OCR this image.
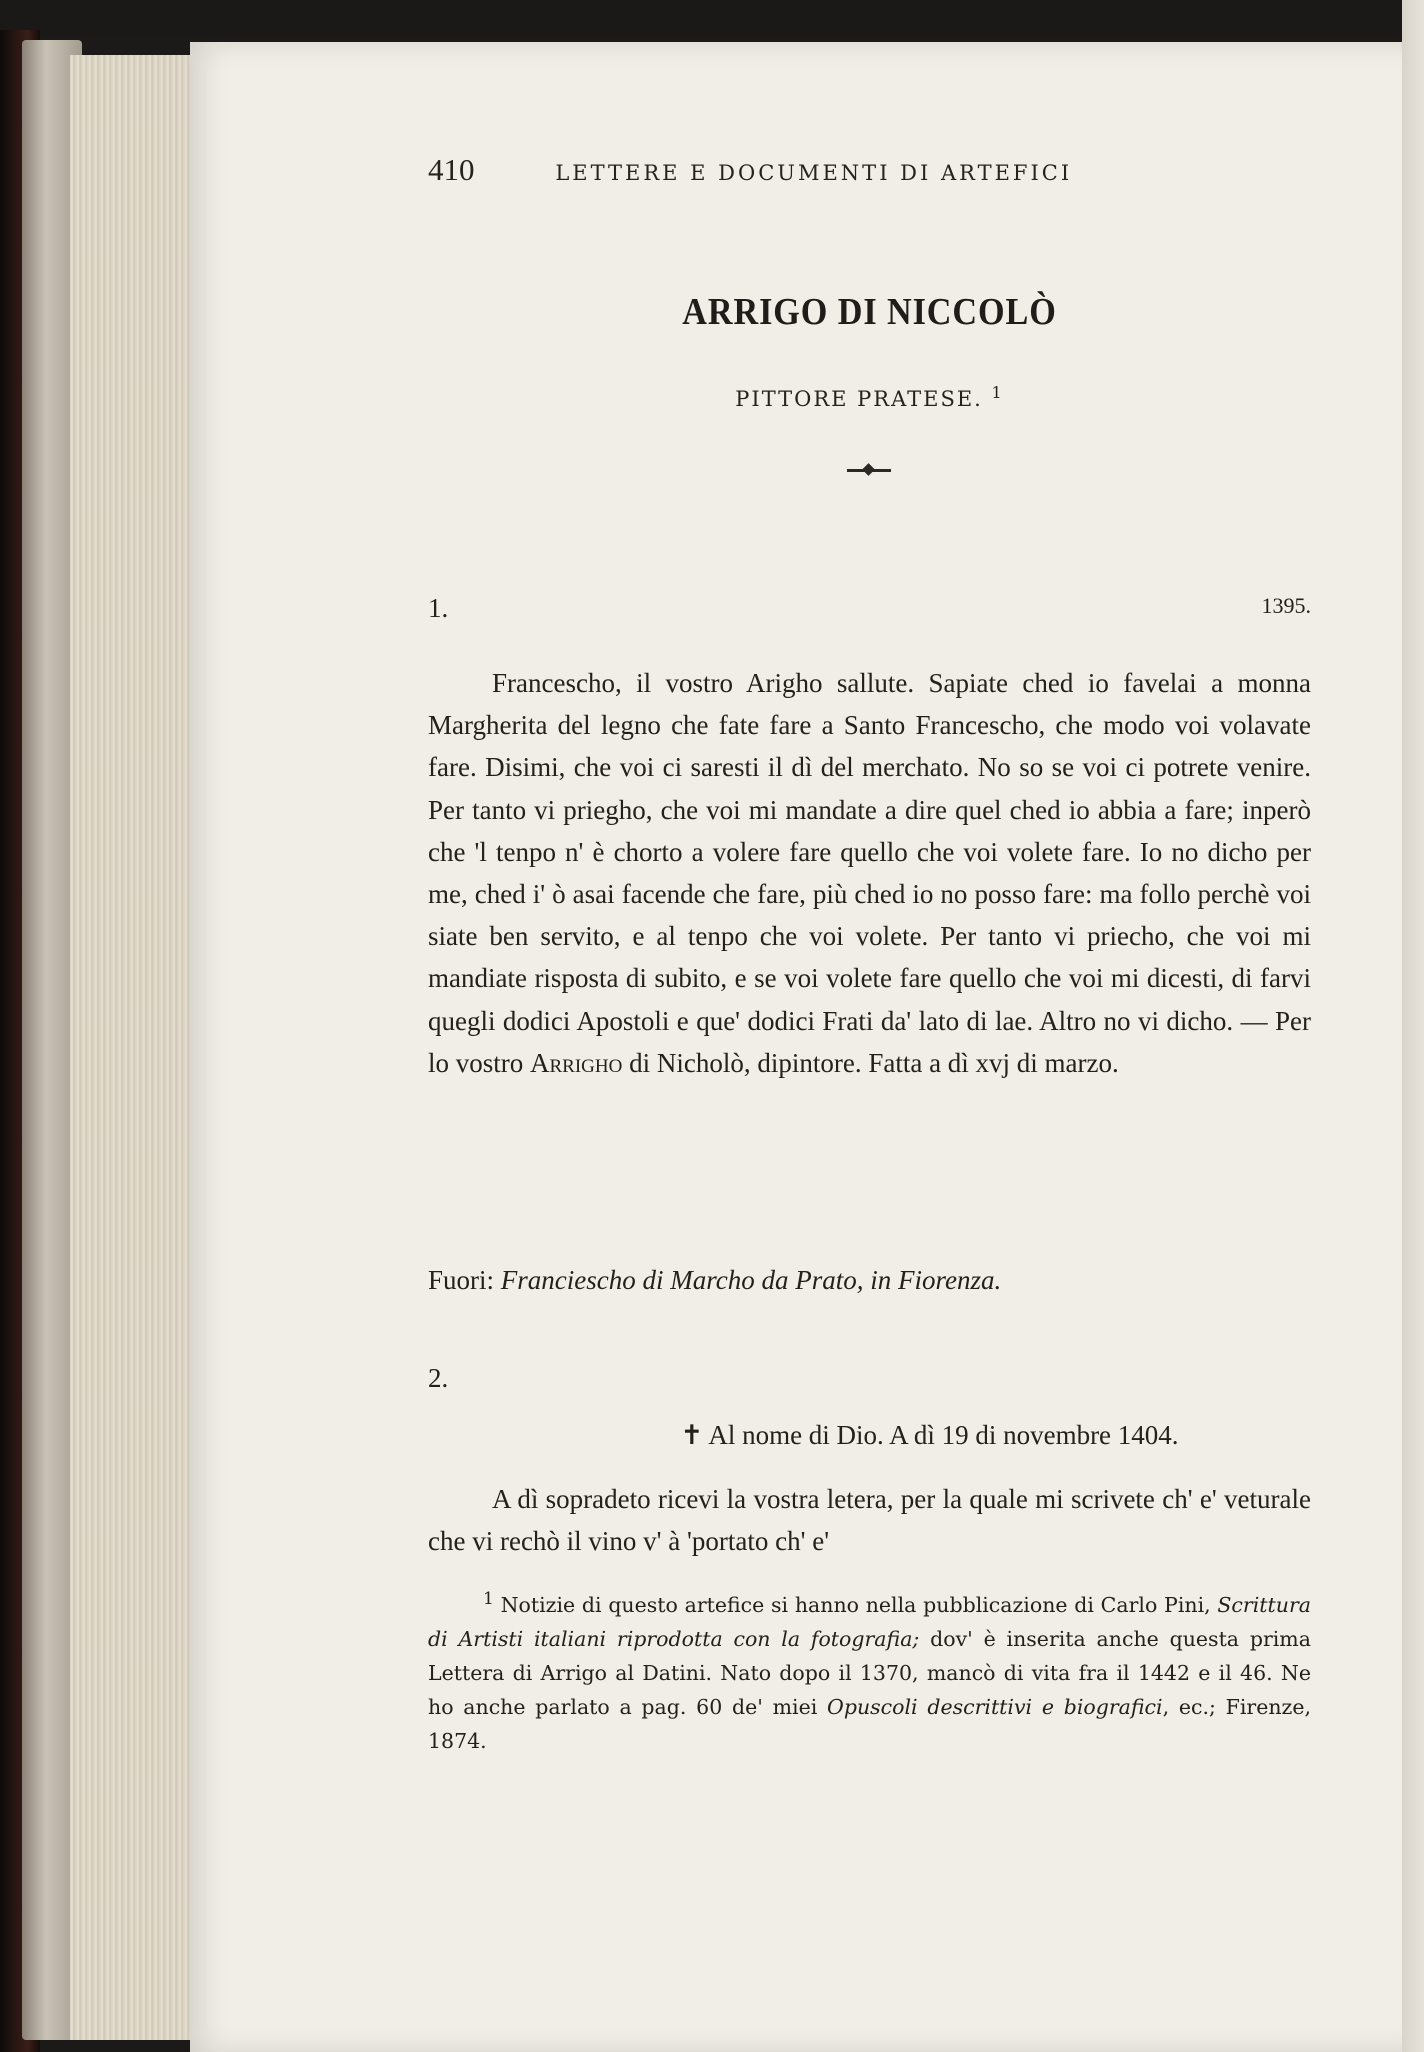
410	LETTERE E DOCUMENTI DI ARTEFICI
ARRIGO DI NICCOLÒ
PITTORE PRATESE. $^1$
1.	1395.

Francescho, il vostro Arigho sallute. Sapiate ched io favelai a monna Margherita del legno che fate fare a Santo Francescho, che modo voi volavate fare. Disimi, che voi ci saresti il dì del merchato. No so se voi ci potrete venire. Per tanto vi priegho, che voi mi mandate a dire quel ched io abbia a fare; inperò che 'l tenpo n' è chorto a volere fare quello che voi volete fare. Io no dicho per me, ched i' ò asai facende che fare, più ched io no posso fare: ma follo perchè voi siate ben servito, e al tenpo che voi volete. Per tanto vi priecho, che voi mi mandiate risposta di subito, e se voi volete fare quello che voi mi dicesti, di farvi quegli dodici Apostoli e que' dodici Frati da' lato di lae. Altro no vi dicho. — Per lo vostro Arrigho di Nicholò, dipintore. Fatta a dì xvj di marzo.

Fuori: Franciescho di Marcho da Prato, in Fiorenza.
2.
✝ Al nome di Dio. A dì 19 di novembre 1404.

A dì sopradeto ricevi la vostra letera, per la quale mi scrivete ch' e' veturale che vi rechò il vino v' à 'portato ch' e'

$^1$ Notizie di questo artefice si hanno nella pubblicazione di Carlo Pini, Scrittura di Artisti italiani riprodotta con la fotografia; dov' è inserita anche questa prima Lettera di Arrigo al Datini. Nato dopo il 1370, mancò di vita fra il 1442 e il 46. Ne ho anche parlato a pag. 60 de' miei Opuscoli descrittivi e biografici, ec.; Firenze, 1874.
